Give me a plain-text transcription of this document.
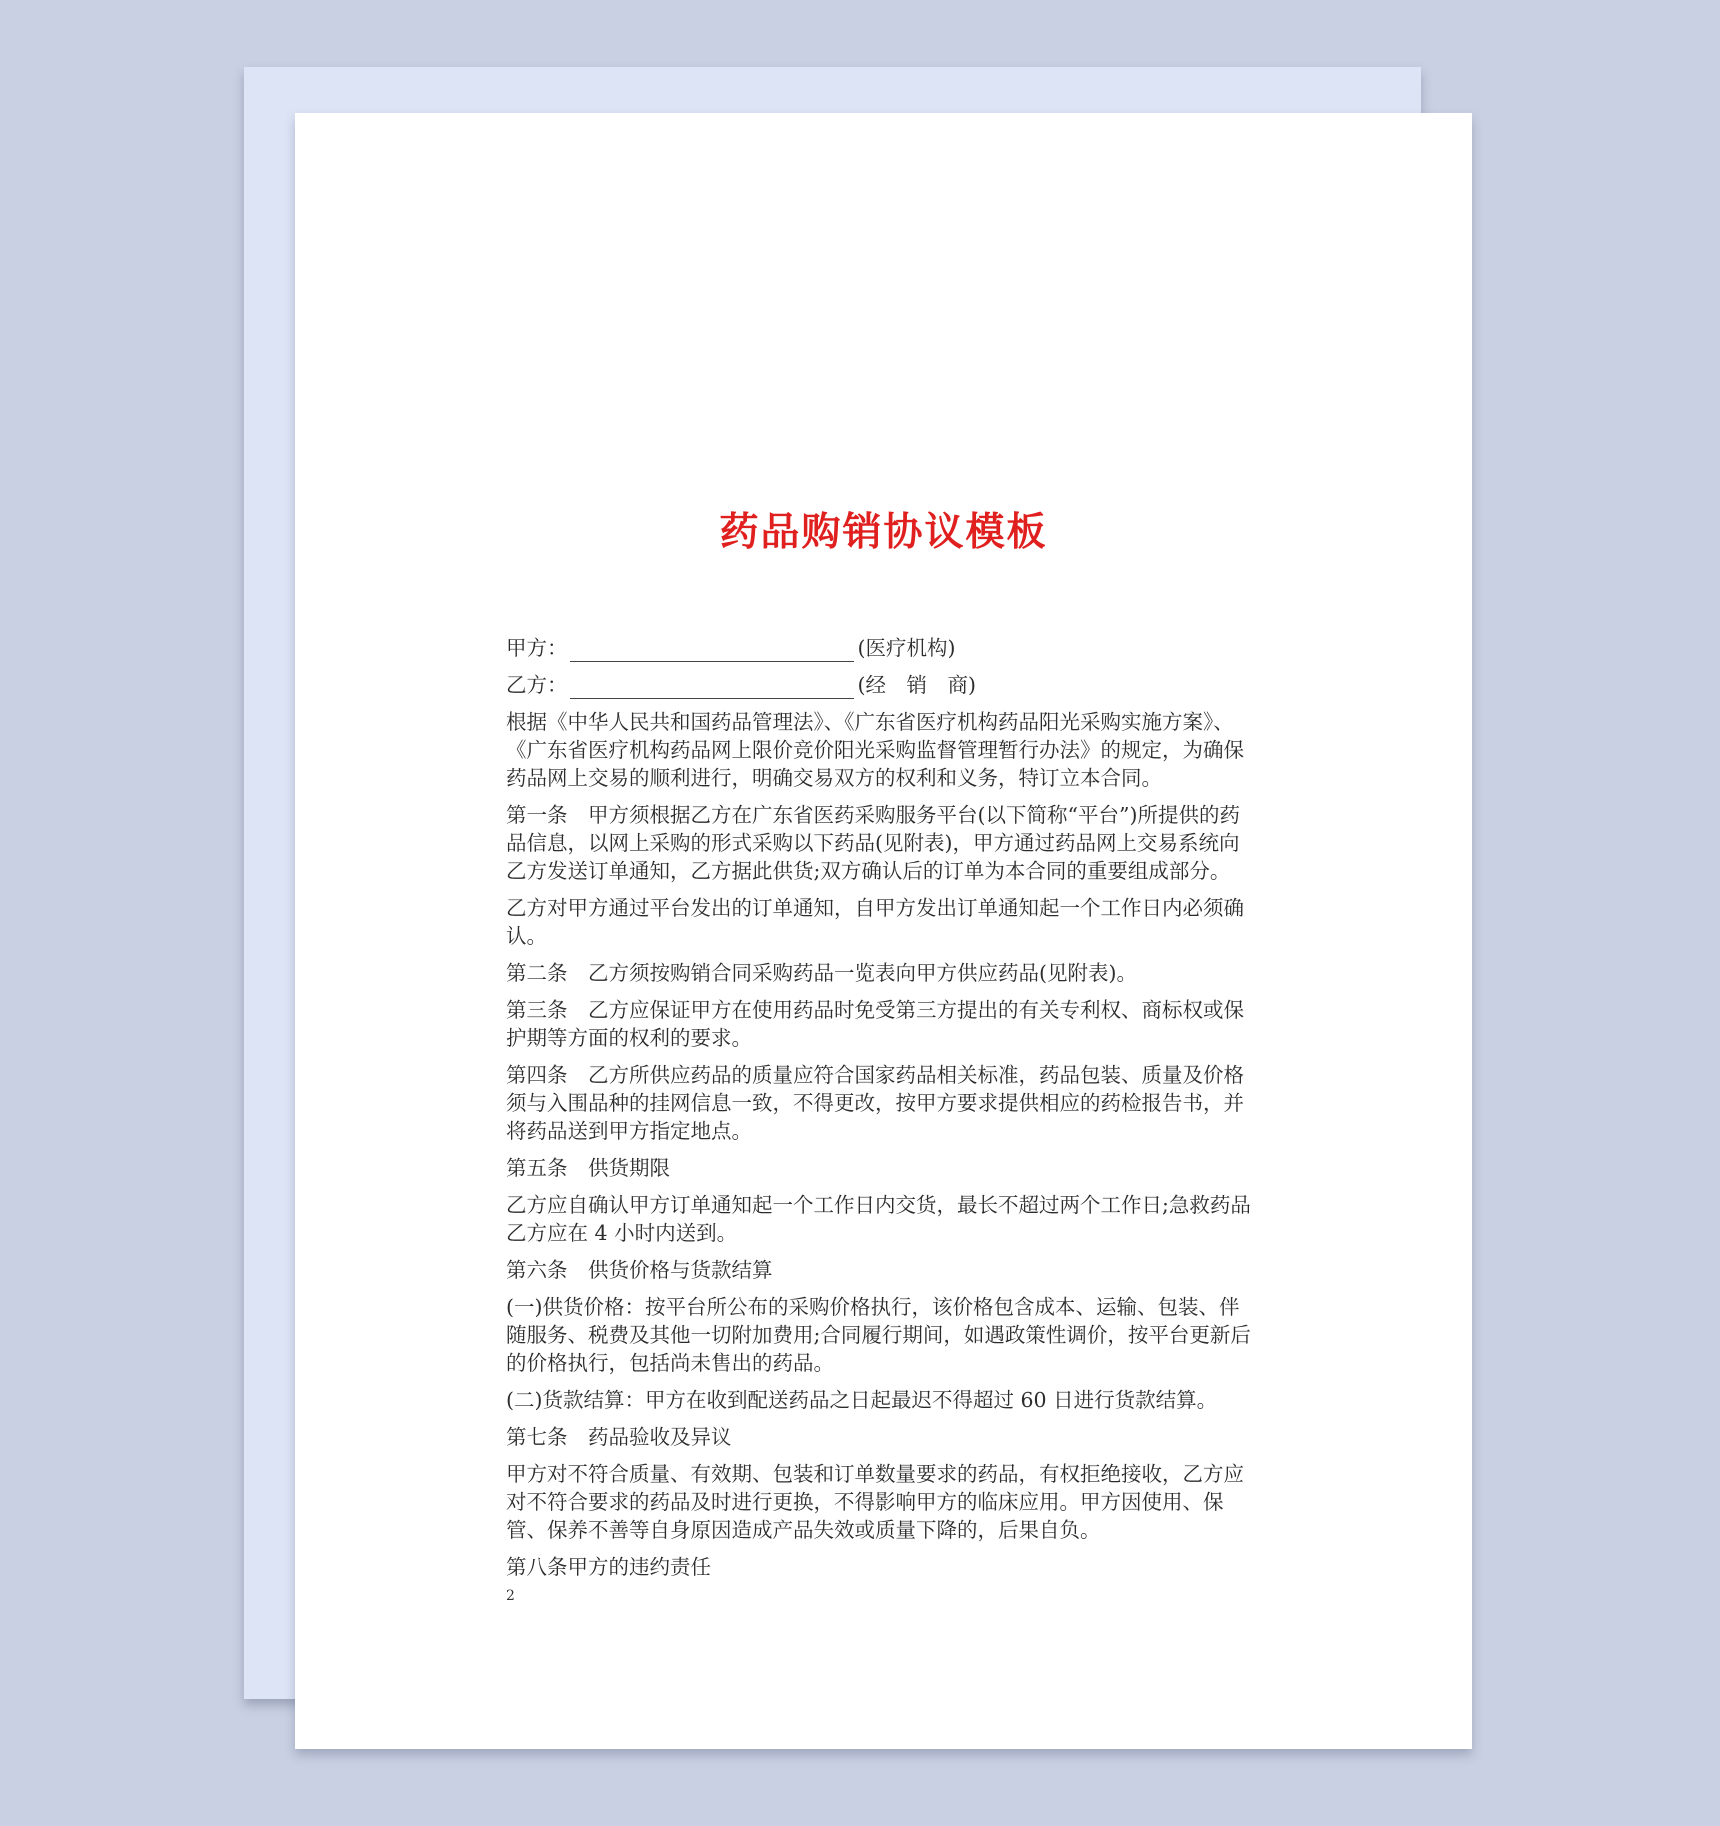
药品购销协议模板

甲方：	(医疗机构)

乙方：	(经　销　商)

根据《中华人民共和国药品管理法》、《广东省医疗机构药品阳光采购实施方案》、《广东省医疗机构药品网上限价竞价阳光采购监督管理暂行办法》的规定，为确保药品网上交易的顺利进行，明确交易双方的权利和义务，特订立本合同。

第一条　甲方须根据乙方在广东省医药采购服务平台(以下简称“平台”)所提供的药品信息，以网上采购的形式采购以下药品(见附表)，甲方通过药品网上交易系统向乙方发送订单通知，乙方据此供货;双方确认后的订单为本合同的重要组成部分。

乙方对甲方通过平台发出的订单通知，自甲方发出订单通知起一个工作日内必须确认。

第二条　乙方须按购销合同采购药品一览表向甲方供应药品(见附表)。

第三条　乙方应保证甲方在使用药品时免受第三方提出的有关专利权、商标权或保护期等方面的权利的要求。

第四条　乙方所供应药品的质量应符合国家药品相关标准，药品包装、质量及价格须与入围品种的挂网信息一致，不得更改，按甲方要求提供相应的药检报告书，并将药品送到甲方指定地点。

第五条　供货期限

乙方应自确认甲方订单通知起一个工作日内交货，最长不超过两个工作日;急救药品乙方应在 4 小时内送到。

第六条　供货价格与货款结算

(一)供货价格：按平台所公布的采购价格执行，该价格包含成本、运输、包装、伴随服务、税费及其他一切附加费用;合同履行期间，如遇政策性调价，按平台更新后的价格执行，包括尚未售出的药品。

(二)货款结算：甲方在收到配送药品之日起最迟不得超过 60 日进行货款结算。

第七条　药品验收及异议

甲方对不符合质量、有效期、包装和订单数量要求的药品，有权拒绝接收，乙方应对不符合要求的药品及时进行更换，不得影响甲方的临床应用。甲方因使用、保管、保养不善等自身原因造成产品失效或质量下降的，后果自负。

第八条甲方的违约责任

2
